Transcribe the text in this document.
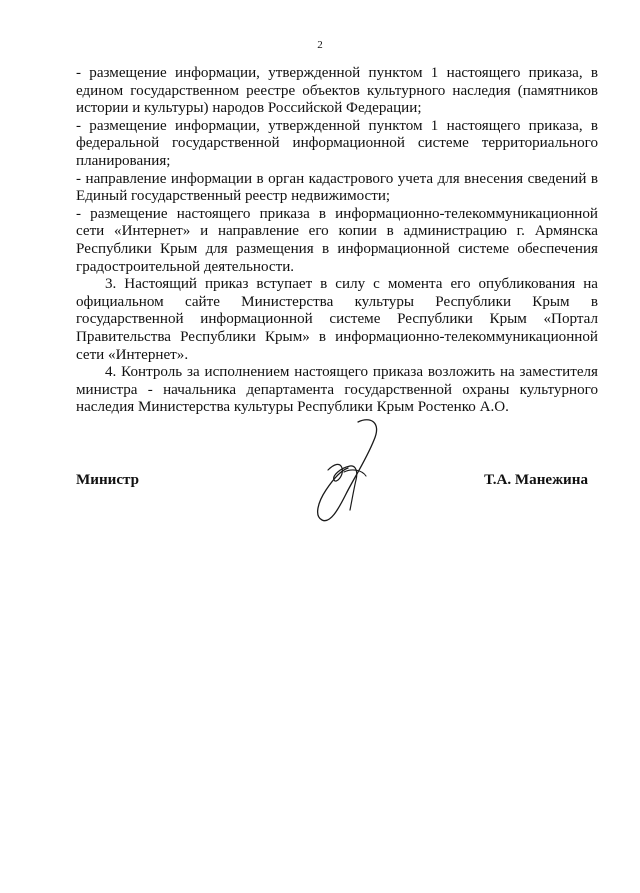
2

- размещение информации, утвержденной пунктом 1 настоящего приказа, в едином государственном реестре объектов культурного наследия (памятников истории и культуры) народов Российской Федерации;

- размещение информации, утвержденной пунктом 1 настоящего приказа, в федеральной государственной информационной системе территориального планирования;

- направление информации в орган кадастрового учета для внесения сведений в Единый государственный реестр недвижимости;

- размещение настоящего приказа в информационно-телекоммуникационной сети «Интернет» и направление его копии в администрацию г. Армянска Республики Крым для размещения в информационной системе обеспечения градостроительной деятельности.

3. Настоящий приказ вступает в силу с момента его опубликования на официальном сайте Министерства культуры Республики Крым в государственной информационной системе Республики Крым «Портал Правительства Республики Крым» в информационно-телекоммуникационной сети «Интернет».

4. Контроль за исполнением настоящего приказа возложить на заместителя министра - начальника департамента государственной охраны культурного наследия Министерства культуры Республики Крым Ростенко А.О.

Министр	Т.А. Манежина
